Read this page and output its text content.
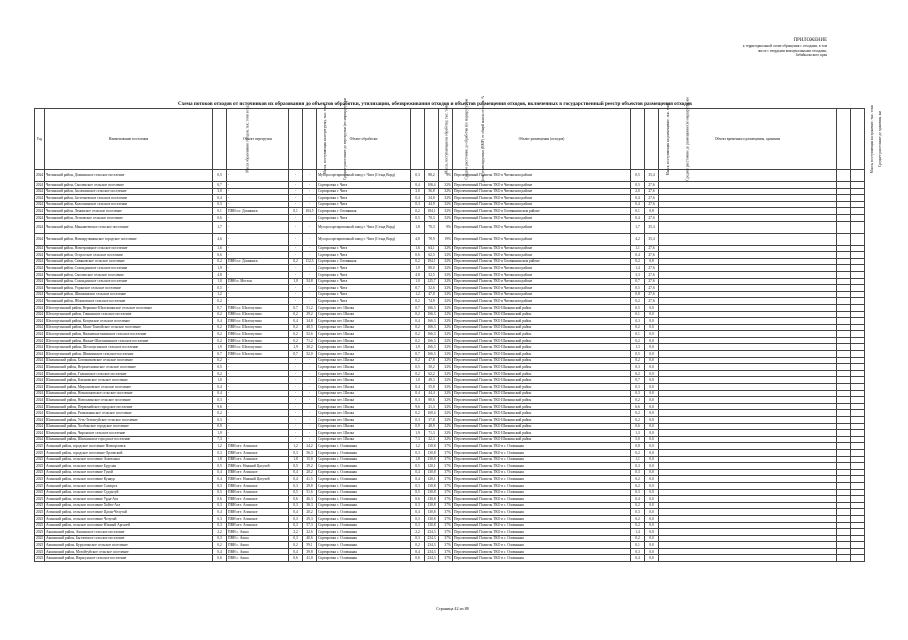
ПРИЛОЖЕНИЕ
к территориальной схеме обращения с отходами, в том
числе с твердыми коммунальными отходами,
Забайкальского края
Схема потоков отходов от источников их образования до объектов обработки, утилизации, обезвреживания отходов и объектов размещения отходов, включенных в государственный реестр объектов размещения отходов
Год	Наименование поселения	Масса образования отходов, тыс. тонн в год	Объект перегрузки	Масса, поступающая на перегрузку, тыс. тонн	Среднее расстояние до перегрузки (по маршруту), км	Объект обработки	Масса, поступающая на обработку, тыс. тонн	Среднее расстояние до обработки (по маршруту), км	Доля утилизируемых (ВМР) от общей массы отходов, %	Объект размещения (отходов)	Масса, поступающая на размещение, тыс. тонн	Среднее расстояние до размещения (по маршруту), км	Объект временного размещения, хранения	Масса, поступающая на хранение, тыс. тонн	Среднее расстояние до хранения, км
2024	Читинский район, Домнинское сельское поселение	0,5	-	-	-	Мусоросортировочный завод г. Чита (Стэнд Ворд)	0,3	88,2	9%	Перспективный Полигон ТКО в Читинском районе	0,5	35,4			
2024	Читинский район, Смоленское сельское поселение	0,7	-	-	-	Сортировка г. Чита	0,4	106,4	32%	Перспективный Полигон ТКО в Читинском районе	0,5	27,6			
2024	Читинский район, Засопкинское сельское поселение	3,0	-	-	-	Сортировка г. Чита	3,0	56,8	32%	Перспективный Полигон ТКО в Читинском районе	2,0	27,6			
2024	Читинский район, Застепьевское сельское поселение	0,4	-	-	-	Сортировка г. Чита	0,4	34,8	32%	Перспективный Полигон ТКО в Читинском районе	0,4	27,6			
2024	Читинский район, Колочнинское сельское поселение	0,3	-	-	-	Сортировка г. Чита	0,3	44,9	32%	Перспективный Полигон ТКО в Читинском районе	0,4	27,6			
2024	Читинский район, Ленинское сельское поселение	0,1	ПВН п.г. Домнинск	0,1	104,5	Сортировка г. Оловянная	0,2	184,1	32%	Перспективный Полигон ТКО в Оловяннинском районе	0,1	0,8			
2024	Читинский район, Лесковское сельское поселение	0,6	-	-	-	Сортировка г. Чита	0,5	70,3	32%	Перспективный Полигон ТКО в Читинском районе	0,4	27,6			
2024	Читинский район, Маккавеевское сельское поселение	1,7	-	-	-	Мусоросортировочный завод г. Чита (Стэнд Ворд)	1,8	70,3	9%	Перспективный Полигон ТКО в Читинском районе	1,7	35,4			
2024	Читинский район, Новокручининское городское поселение	4,6	-	-	-	Мусоросортировочный завод г. Чита (Стэнд Ворд)	4,8	78,9	19%	Перспективный Полигон ТКО в Читинском районе	4,2	35,4			
2024	Читинский район, Новотроицкое сельское поселение	1,6	-	-	-	Сортировка г. Чита	1,6	64,1	32%	Перспективный Полигон ТКО в Читинском районе	1,1	27,6			
2024	Читинский район, Острогское сельское поселение	0,6	-	-	-	Сортировка г. Чита	0,6	62,5	32%	Перспективный Полигон ТКО в Читинском районе	0,4	27,6			
2024	Читинский район, Сивяковское сельское поселение	0,2	ПВН п.г. Домнинск	0,2	112,3	Сортировка г. Оловянная	0,2	184,1	32%	Перспективный Полигон ТКО в Оловяннинском районе	0,2	0,8			
2024	Читинский район, Сохондинское сельское поселение	1,9	-	-	-	Сортировка г. Чита	1,9	80,0	32%	Перспективный Полигон ТКО в Читинском районе	1,4	27,6			
2024	Читинский район, Смоленское сельское поселение	4,8	-	-	-	Сортировка г. Чита	4,8	52,5	32%	Перспективный Полигон ТКО в Читинском районе	3,3	27,6			
2024	Читинский район, Сохондинское сельское поселение	1,0	ПВН п. Могзон	1,0	54,8	Сортировка г. Чита	1,0	125,7	32%	Перспективный Полигон ТКО в Читинском районе	0,7	27,6			
2024	Читинский район, Угданское сельское поселение	0,5	-	-	-	Сортировка г. Чита	0,7	52,6	32%	Перспективный Полигон ТКО в Читинском районе	0,5	27,6			
2024	Читинский район, Шишкинское сельское поселение	1,2	-	-	-	Сортировка г. Чита	1,2	47,8	32%	Перспективный Полигон ТКО в Читинском районе	0,8	27,6			
2024	Читинский район, Яблоновское сельское поселение	0,2	-	-	-	Сортировка г. Чита	0,2	74,9	32%	Перспективный Полигон ТКО в Читинском районе	0,2	27,6			
2024	Шелопугинский район, Вершино-Шахтаминское сельское поселение	0,7	ПВН п.г. Шелопугино	0,7	51,2	Сортировка пгт. Шилка	0,7	166,3	32%	Перспективный Полигон ТКО Шилкинский район	0,5	0,0			
2024	Шелопугинский район, Глинянское сельское поселение	0,2	ПВН п.г. Шелопугино	0,2	29,2	Сортировка пгт. Шилка	0,2	166,3	32%	Перспективный Полигон ТКО Шилкинский район	0,1	0,0			
2024	Шелопугинский район, Копунское сельское поселение	0,4	ПВН п.г. Шелопугино	0,4	34,8	Сортировка пгт. Шилка	0,4	166,3	32%	Перспективный Полигон ТКО Шилкинский район	0,3	0,0			
2024	Шелопугинский район, Мало-Тонтойское сельское поселение	0,2	ПВН п.г. Шелопугино	0,2	48,5	Сортировка пгт. Шилка	0,2	166,3	32%	Перспективный Полигон ТКО Шилкинский район	0,2	0,0			
2024	Шелопугинский район, Нижнешахтаминское сельское поселение	0,2	ПВН п.г. Шелопугино	0,2	52,6	Сортировка пгт. Шилка	0,2	166,3	32%	Перспективный Полигон ТКО Шилкинский район	0,1	0,0			
2024	Шелопугинский район, Нижне-Шахтаминское сельское поселение	0,2	ПВН п.г. Шелопугино	0,2	71,2	Сортировка пгт. Шилка	0,2	166,3	32%	Перспективный Полигон ТКО Шилкинский район	0,2	0,0			
2024	Шелопугинский район, Шелопугинское сельское поселение	1,9	ПВН п.г. Шелопугино	1,9	30,2	Сортировка пгт. Шилка	1,9	166,3	32%	Перспективный Полигон ТКО Шилкинский район	1,3	0,0			
2024	Шелопугинский район, Шивиинское сельское поселение	0,7	ПВН п.г. Шелопугино	0,7	52,0	Сортировка пгт. Шилка	0,7	166,3	32%	Перспективный Полигон ТКО Шилкинский район	0,5	0,0			
2024	Шилкинский район, Богомягковское сельское поселение	0,2	-	-	-	Сортировка пгт. Шилка	0,2	47,8	32%	Перспективный Полигон ТКО Шилкинский район	0,2	0,0			
2024	Шилкинский район, Верхнехилинское сельское поселение	0,5	-	-	-	Сортировка пгт. Шилка	0,5	50,2	32%	Перспективный Полигон ТКО Шилкинский район	0,3	0,0			
2024	Шилкинский район, Галкинское сельское поселение	0,2	-	-	-	Сортировка пгт. Шилка	0,2	62,2	32%	Перспективный Полигон ТКО Шилкинский район	0,2	0,0			
2024	Шилкинский район, Казановское сельское поселение	1,0	-	-	-	Сортировка пгт. Шилка	1,0	49,3	32%	Перспективный Полигон ТКО Шилкинский район	0,7	0,0			
2024	Шилкинский район, Мирсановское сельское поселение	0,4	-	-	-	Сортировка пгт. Шилка	0,4	55,8	32%	Перспективный Полигон ТКО Шилкинский район	0,3	0,0			
2024	Шилкинский район, Номоконовское сельское поселение	0,4	-	-	-	Сортировка пгт. Шилка	0,4	44,4	32%	Перспективный Полигон ТКО Шилкинский район	0,3	0,0			
2024	Шилкинский район, Новоолинское сельское поселение	0,3	-	-	-	Сортировка пгт. Шилка	0,3	80,6	32%	Перспективный Полигон ТКО Шилкинский район	0,2	0,0			
2024	Шилкинский район, Первомайское городское поселение	9,6	-	-	-	Сортировка пгт. Шилка	9,6	21,3	32%	Перспективный Полигон ТКО Шилкинский район	6,6	0,0			
2024	Шилкинский район, Размахнинское сельское поселение	0,2	-	-	-	Сортировка пгт. Шилка	0,2	100,4	32%	Перспективный Полигон ТКО Шилкинский район	0,2	0,0			
2024	Шилкинский район, Усть-Теленгуйское сельское поселение	0,3	-	-	-	Сортировка пгт. Шилка	0,3	37,8	32%	Перспективный Полигон ТКО Шилкинский район	0,2	0,0			
2024	Шилкинский район, Холбонское городское поселение	0,9	-	-	-	Сортировка пгт. Шилка	0,9	48,9	32%	Перспективный Полигон ТКО Шилкинский район	0,6	0,0			
2024	Шилкинский район, Чиронское сельское поселение	1,9	-	-	-	Сортировка пгт. Шилка	1,9	71,3	32%	Перспективный Полигон ТКО Шилкинский район	1,3	0,0			
2024	Шилкинский район, Шилкинское городское поселение	7,3	-	-	-	Сортировка пгт. Шилка	7,3	22,3	32%	Перспективный Полигон ТКО Шилкинский район	5,0	0,0			
2025	Агинский район, городское поселение Новоорловск	1,2	ПВН пгт. Агинское	1,2	24,2	Сортировка с. Оловянная	1,2	130,8	37%	Перспективный Полигон ТКО в с. Оловянная	0,8	0,0			
2025	Агинский район, городское поселение Орловский	0,3	ПВН пгт. Агинское	0,3	56,3	Сортировка с. Оловянная	0,3	130,8	37%	Перспективный Полигон ТКО в с. Оловянная	0,2	0,0			
2025	Агинский район, сельское поселение Амитхаша	1,8	ПВН пгт. Агинское	1,8	15,0	Сортировка с. Оловянная	1,8	130,8	37%	Перспективный Полигон ТКО в с. Оловянная	1,1	0,0			
2025	Агинский район, сельское поселение Будулан	0,5	ПВН пгт. Нижний Цасучей	0,5	29,2	Сортировка с. Оловянная	0,5	120,1	37%	Перспективный Полигон ТКО в с. Оловянная	0,3	0,0			
2025	Агинский район, сельское поселение Гунэй	0,4	ПВН пгт. Агинское	0,4	20,2	Сортировка с. Оловянная	0,4	130,8	37%	Перспективный Полигон ТКО в с. Оловянная	0,3	0,0			
2025	Агинский район, сельское поселение Кункур	0,4	ПВН пгт. Нижний Цасучей	0,4	41,5	Сортировка с. Оловянная	0,4	120,1	37%	Перспективный Полигон ТКО в с. Оловянная	0,2	0,0			
2025	Агинский район, сельское поселение Сахюрта	0,3	ПВН пгт. Агинское	0,3	29,8	Сортировка с. Оловянная	0,3	130,8	37%	Перспективный Полигон ТКО в с. Оловянная	0,2	0,0			
2025	Агинский район, сельское поселение Судунтуй	0,5	ПВН пгт. Агинское	0,5	51,6	Сортировка с. Оловянная	0,5	130,8	37%	Перспективный Полигон ТКО в с. Оловянная	0,3	0,0			
2025	Агинский район, сельское поселение Урда-Ага	0,6	ПВН пгт. Агинское	0,6	46,3	Сортировка с. Оловянная	0,6	130,8	37%	Перспективный Полигон ТКО в с. Оловянная	0,4	0,0			
2025	Агинский район, сельское поселение Хойто-Ага	0,3	ПВН пгт. Агинское	0,3	36,3	Сортировка с. Оловянная	0,3	130,8	37%	Перспективный Полигон ТКО в с. Оловянная	0,2	0,0			
2025	Агинский район, сельское поселение Цаган-Челутай	0,4	ПВН пгт. Агинское	0,4	20,2	Сортировка с. Оловянная	0,4	130,8	37%	Перспективный Полигон ТКО в с. Оловянная	0,3	0,0			
2025	Агинский район, сельское поселение Челутай	0,3	ПВН пгт. Агинское	0,3	29,3	Сортировка с. Оловянная	0,3	130,8	37%	Перспективный Полигон ТКО в с. Оловянная	0,2	0,0			
2025	Агинский район, сельское поселение Южный Аргалей	0,3	ПВН пгт. Агинское	0,3	57,3	Сортировка с. Оловянная	0,3	130,8	37%	Перспективный Полигон ТКО в с. Оловянная	0,2	0,0			
2025	Акшинский район, Акшинское сельское поселение	2,2	ПВН с. Акша	2,2	22,6	Сортировка с. Оловянная	2,2	234,3	37%	Перспективный Полигон ТКО в с. Оловянная	1,4	0,0			
2025	Акшинский район, Бытэевское сельское поселение	0,3	ПВН с. Акша	0,3	40,6	Сортировка с. Оловянная	0,3	234,3	37%	Перспективный Полигон ТКО в с. Оловянная	0,2	0,0			
2025	Акшинский район, Курулгинское сельское поселение	0,2	ПВН с. Акша	0,2	59,1	Сортировка с. Оловянная	0,2	234,3	37%	Перспективный Полигон ТКО в с. Оловянная	0,1	0,0			
2025	Акшинский район, Могойтуйское сельское поселение	0,4	ПВН с. Акша	0,4	39,8	Сортировка с. Оловянная	0,4	234,3	37%	Перспективный Полигон ТКО в с. Оловянная	0,3	0,0			
2025	Акшинский район, Нарасунское сельское поселение	0,6	ПВН с. Акша	0,6	41,0	Сортировка с. Оловянная	0,6	234,3	37%	Перспективный Полигон ТКО в с. Оловянная	0,4	0,0			
Страница 42 из 88
